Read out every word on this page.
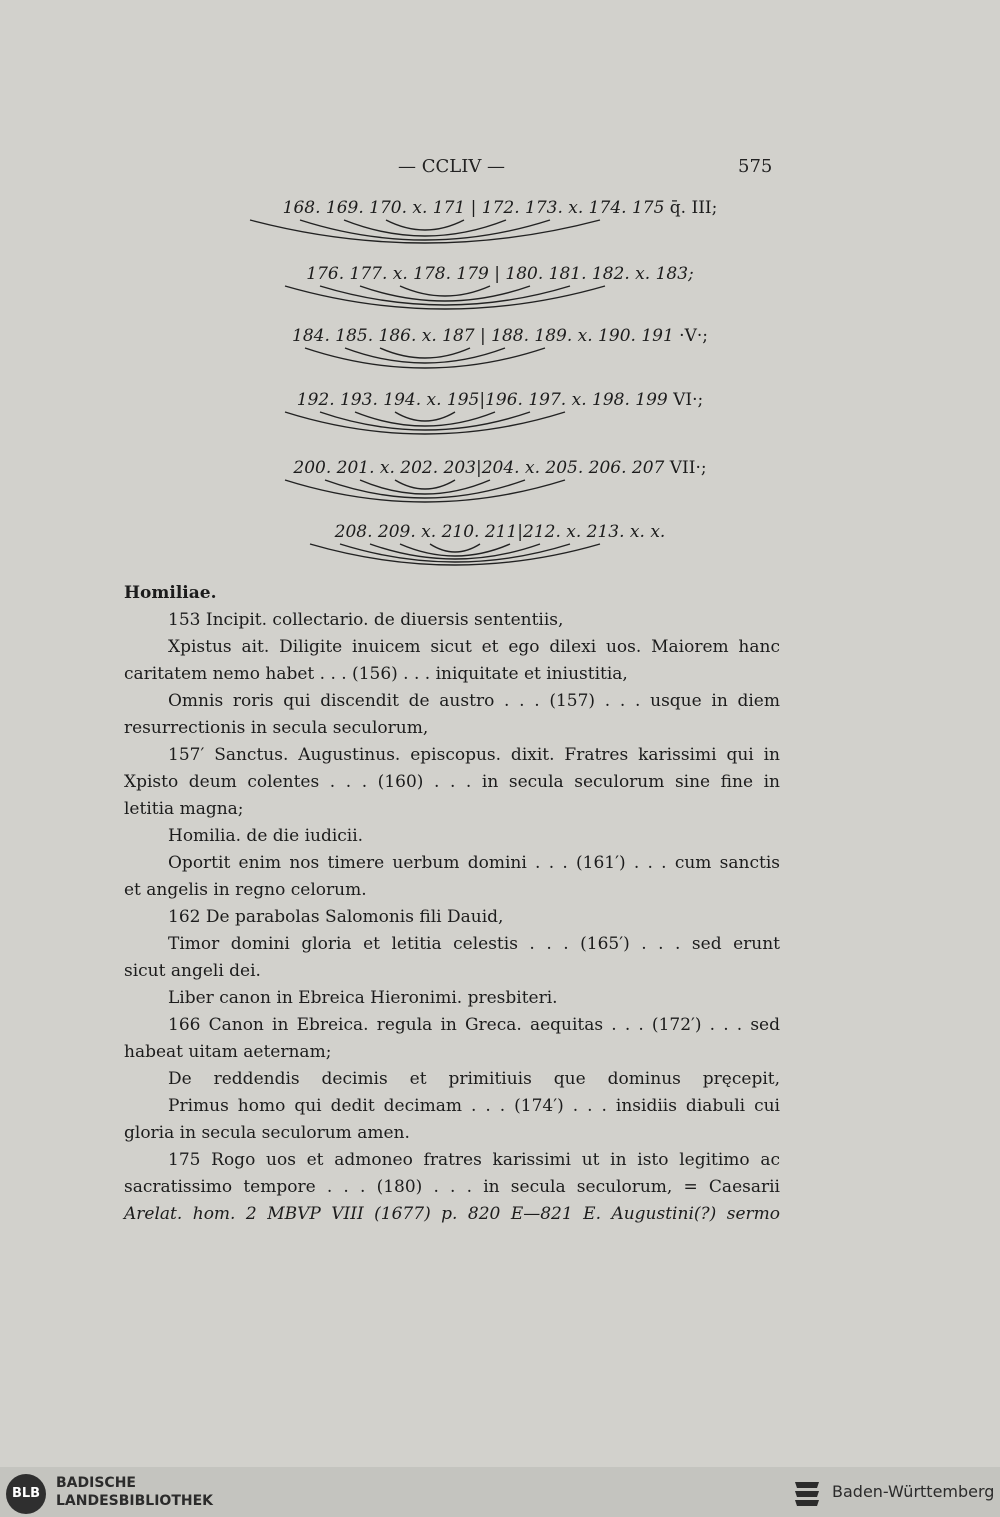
— CCLIV —	575
168. 169. 170. x. 171 | 172. 173. x. 174. 175 q̄. III;
176. 177. x. 178. 179 | 180. 181. 182. x. 183;
184. 185. 186. x. 187 | 188. 189. x. 190. 191 ·V·;
192. 193. 194. x. 195|196. 197. x. 198. 199 VI·;
200. 201. x. 202. 203|204. x. 205. 206. 207 VII·;
208. 209. x. 210. 211|212. x. 213. x. x.
Homiliae.
153 Incipit. collectario. de diuersis sententiis,
Xpistus ait. Diligite inuicem sicut et ego dilexi uos. Maiorem hanc
caritatem nemo habet . . . (156) . . . iniquitate et iniustitia,
Omnis roris qui discendit de austro . . . (157) . . . usque in diem
resurrectionis in secula seculorum,
157′ Sanctus. Augustinus. episcopus. dixit. Fratres karissimi qui in
Xpisto deum colentes . . . (160) . . . in secula seculorum sine fine in
letitia magna;
Homilia. de die iudicii.
Oportit enim nos timere uerbum domini . . . (161′) . . . cum sanctis
et angelis in regno celorum.
162 De parabolas Salomonis fili Dauid,
Timor domini gloria et letitia celestis . . . (165′) . . . sed erunt
sicut angeli dei.
Liber canon in Ebreica Hieronimi. presbiteri.
166 Canon in Ebreica. regula in Greca. aequitas . . . (172′) . . . sed
habeat uitam aeternam;
De reddendis decimis et primitiuis que dominus pręcepit,
Primus homo qui dedit decimam . . . (174′) . . . insidiis diabuli cui
gloria in secula seculorum amen.
175 Rogo uos et admoneo fratres karissimi ut in isto legitimo ac
sacratissimo tempore . . . (180) . . . in secula seculorum, = Caesarii
Arelat. hom. 2 MBVP VIII (1677) p. 820 E—821 E. Augustini(?) sermo
BLB
BADISCHE
LANDESBIBLIOTHEK	Baden-Württemberg
